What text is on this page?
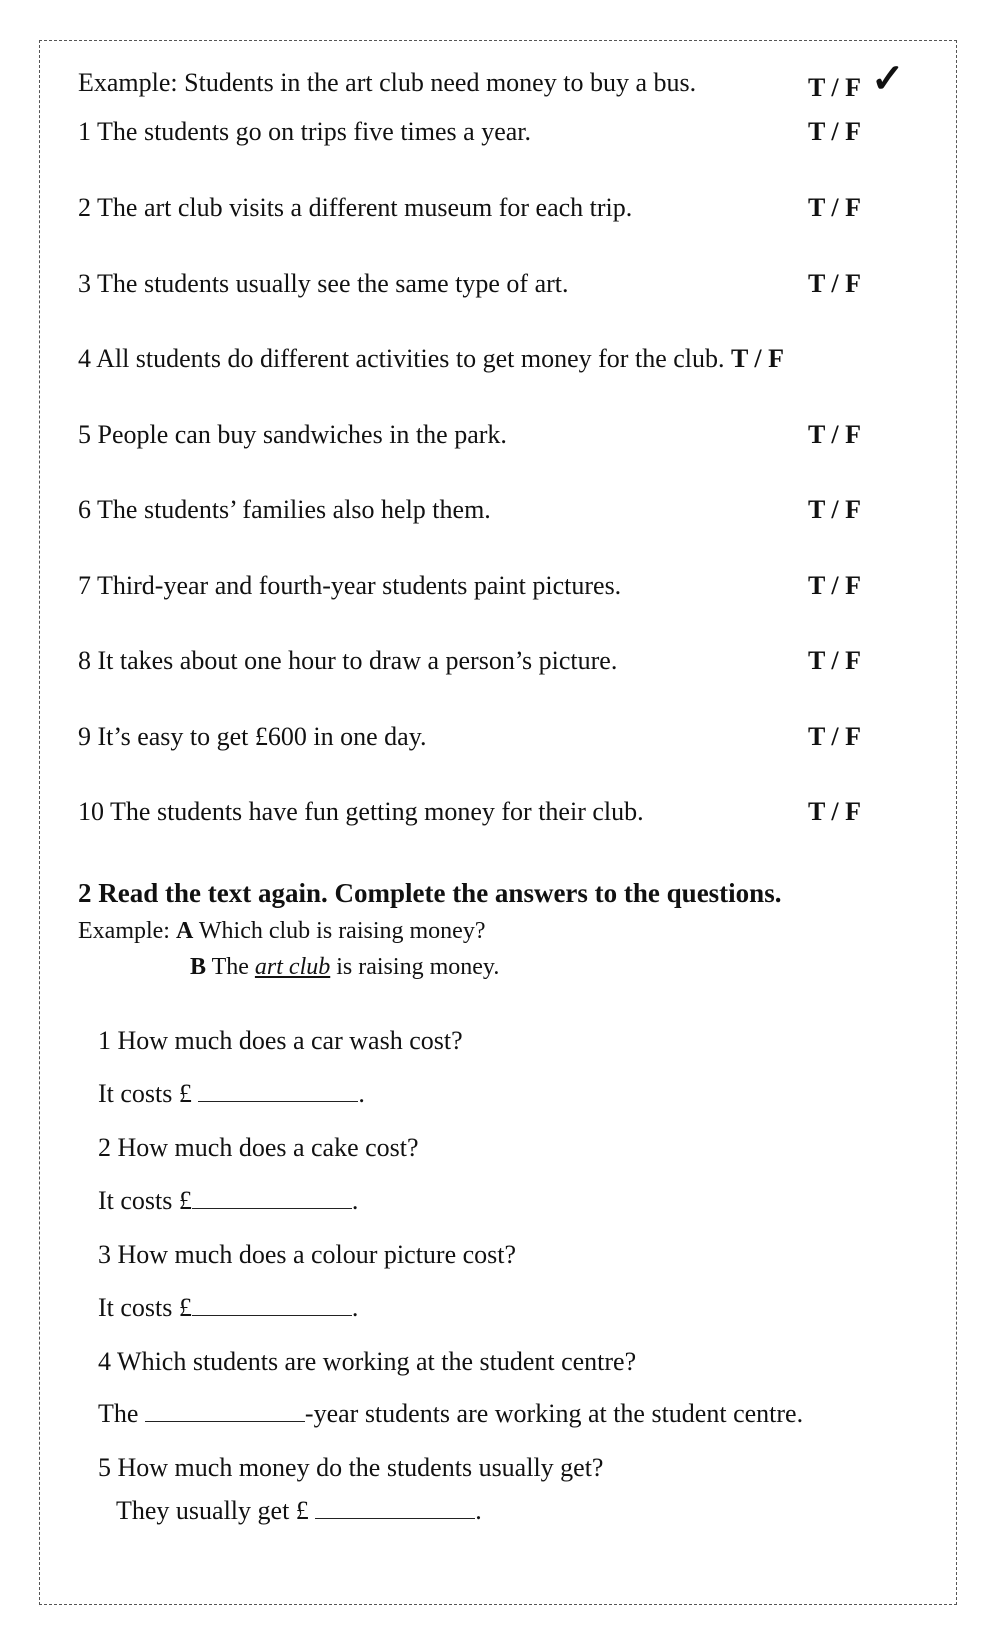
Example: Students in the art club need money to buy a bus.	T / F ✓
1 The students go on trips five times a year.	T / F
2 The art club visits a different museum for each trip.	T / F
3 The students usually see the same type of art.	T / F
4 All students do different activities to get money for the club. T / F
5 People can buy sandwiches in the park.	T / F
6 The students’ families also help them.	T / F
7 Third-year and fourth-year students paint pictures.	T / F
8 It takes about one hour to draw a person’s picture.	T / F
9 It’s easy to get £600 in one day.	T / F
10 The students have fun getting money for their club.	T / F
2 Read the text again. Complete the answers to the questions.
Example: A Which club is raising money?
B The art club is raising money.
1 How much does a car wash cost?
It costs £	.
2 How much does a cake cost?
It costs £	.
3 How much does a colour picture cost?
It costs £	.
4 Which students are working at the student centre?
The	-year students are working at the student centre.
5 How much money do the students usually get?
They usually get £	.
